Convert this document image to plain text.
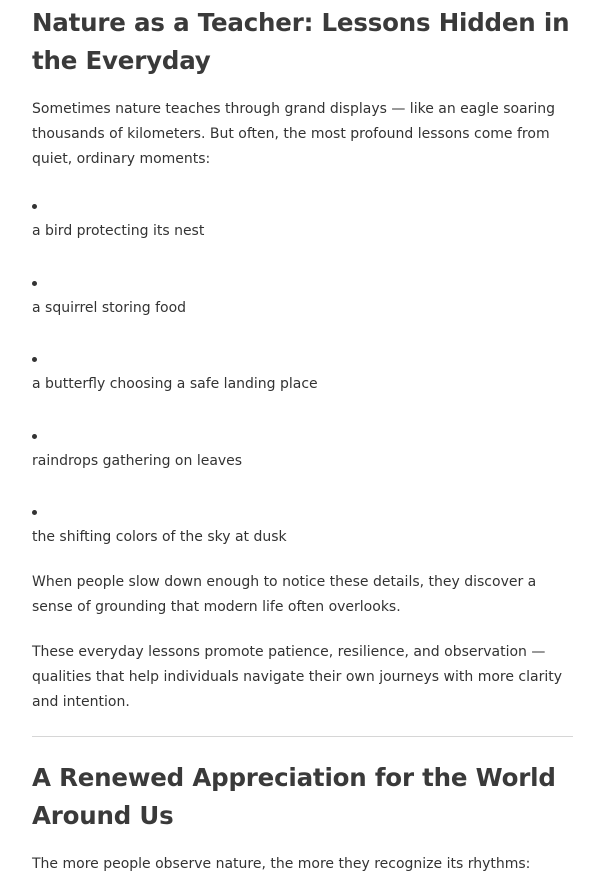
Nature as a Teacher: Lessons Hidden in the Everyday

Sometimes nature teaches through grand displays — like an eagle soaring thousands of kilometers. But often, the most profound lessons come from quiet, ordinary moments:

a bird protecting its nest
a squirrel storing food
a butterfly choosing a safe landing place
raindrops gathering on leaves
the shifting colors of the sky at dusk

When people slow down enough to notice these details, they discover a sense of grounding that modern life often overlooks.

These everyday lessons promote patience, resilience, and observation — qualities that help individuals navigate their own journeys with more clarity and intention.

A Renewed Appreciation for the World Around Us

The more people observe nature, the more they recognize its rhythms:
